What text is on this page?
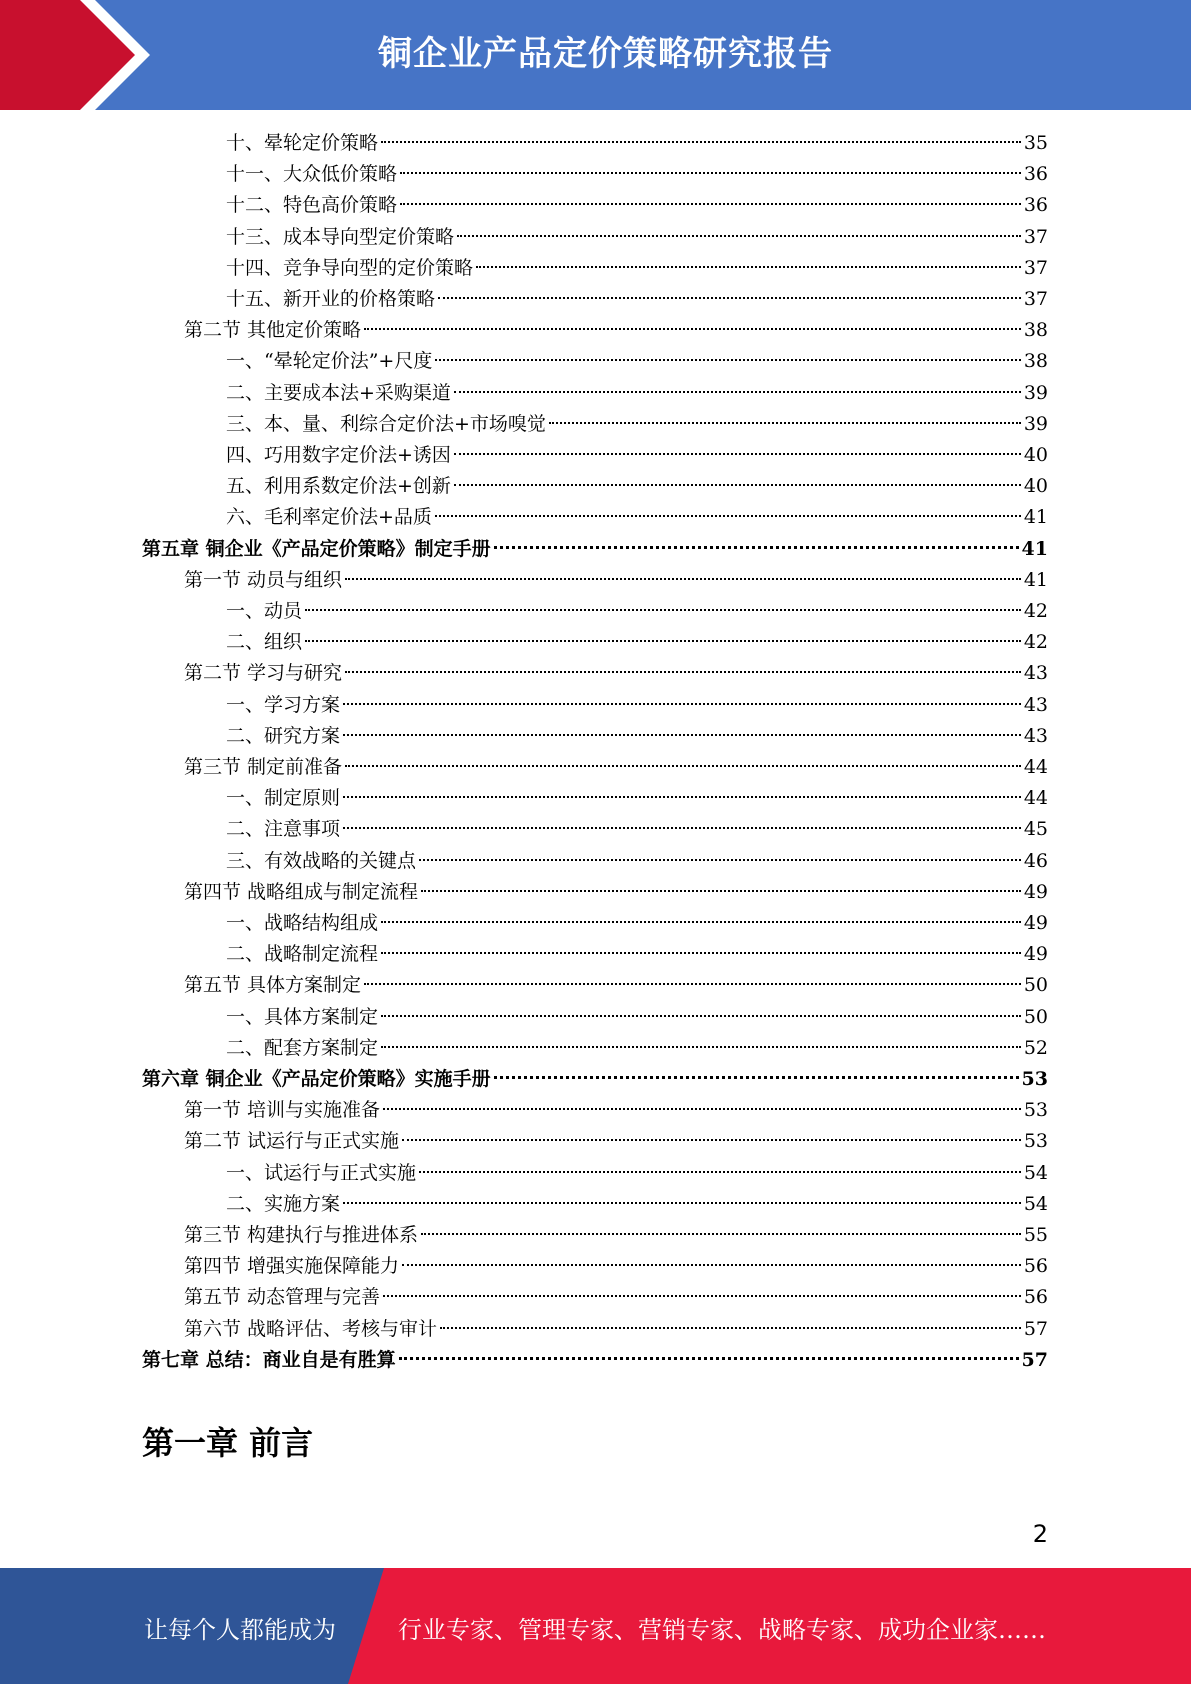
铜企业产品定价策略研究报告
十、晕轮定价策略	35
十一、大众低价策略	36
十二、特色高价策略	36
十三、成本导向型定价策略	37
十四、竞争导向型的定价策略	37
十五、新开业的价格策略	37
第二节 其他定价策略	38
一、“晕轮定价法”+尺度	38
二、主要成本法+采购渠道	39
三、本、量、利综合定价法+市场嗅觉	39
四、巧用数字定价法+诱因	40
五、利用系数定价法+创新	40
六、毛利率定价法+品质	41
第五章 铜企业《产品定价策略》制定手册	41
第一节 动员与组织	41
一、动员	42
二、组织	42
第二节 学习与研究	43
一、学习方案	43
二、研究方案	43
第三节 制定前准备	44
一、制定原则	44
二、注意事项	45
三、有效战略的关键点	46
第四节 战略组成与制定流程	49
一、战略结构组成	49
二、战略制定流程	49
第五节 具体方案制定	50
一、具体方案制定	50
二、配套方案制定	52
第六章 铜企业《产品定价策略》实施手册	53
第一节 培训与实施准备	53
第二节 试运行与正式实施	53
一、试运行与正式实施	54
二、实施方案	54
第三节 构建执行与推进体系	55
第四节 增强实施保障能力	56
第五节 动态管理与完善	56
第六节 战略评估、考核与审计	57
第七章 总结：商业自是有胜算	57
第一章 前言
2
让每个人都能成为	行业专家、管理专家、营销专家、战略专家、成功企业家……
